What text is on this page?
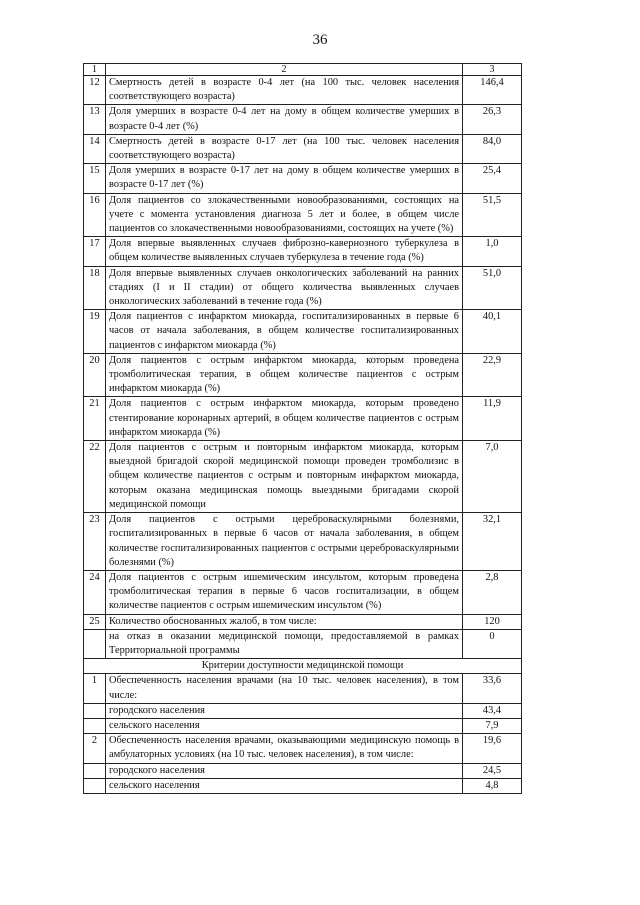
36
1	2	3
12	Смертность детей в возрасте 0-4 лет (на 100 тыс. человек населения соответствующего возраста)	146,4
13	Доля умерших в возрасте 0-4 лет на дому в общем количестве умерших в возрасте 0-4 лет (%)	26,3
14	Смертность детей в возрасте 0-17 лет (на 100 тыс. человек населения соответствующего возраста)	84,0
15	Доля умерших в возрасте 0-17 лет на дому в общем количестве умерших в возрасте 0-17 лет (%)	25,4
16	Доля пациентов со злокачественными новообразованиями, состоящих на учете с момента установления диагноза 5 лет и более, в общем числе пациентов со злокачественными новообразованиями, состоящих на учете (%)	51,5
17	Доля впервые выявленных случаев фиброзно-кавернозного туберкулеза в общем количестве выявленных случаев туберкулеза в течение года (%)	1,0
18	Доля впервые выявленных случаев онкологических заболеваний на ранних стадиях (I и II стадии) от общего количества выявленных случаев онкологических заболеваний в течение года (%)	51,0
19	Доля пациентов с инфарктом миокарда, госпитализированных в первые 6 часов от начала заболевания, в общем количестве госпитализированных пациентов с инфарктом миокарда (%)	40,1
20	Доля пациентов с острым инфарктом миокарда, которым проведена тромболитическая терапия, в общем количестве пациентов с острым инфарктом миокарда (%)	22,9
21	Доля пациентов с острым инфарктом миокарда, которым проведено стентирование коронарных артерий, в общем количестве пациентов с острым инфарктом миокарда (%)	11,9
22	Доля пациентов с острым и повторным инфарктом миокарда, которым выездной бригадой скорой медицинской помощи проведен тромболизис в общем количестве пациентов с острым и повторным инфарктом миокарда, которым оказана медицинская помощь выездными бригадами скорой медицинской помощи	7,0
23	Доля пациентов с острыми цереброваскулярными болезнями, госпитализированных в первые 6 часов от начала заболевания, в общем количестве госпитализированных пациентов с острыми цереброваскулярными болезнями (%)	32,1
24	Доля пациентов с острым ишемическим инсультом, которым проведена тромболитическая терапия в первые 6 часов госпитализации, в общем количестве пациентов с острым ишемическим инсультом (%)	2,8
25	Количество обоснованных жалоб, в том числе:	120
	на отказ в оказании медицинской помощи, предоставляемой в рамках Территориальной программы	0
Критерии доступности медицинской помощи		
1	Обеспеченность населения врачами (на 10 тыс. человек населения), в том числе:	33,6
	городского населения	43,4
	сельского населения	7,9
2	Обеспеченность населения врачами, оказывающими медицинскую помощь в амбулаторных условиях (на 10 тыс. человек населения), в том числе:	19,6
	городского населения	24,5
	сельского населения	4,8
